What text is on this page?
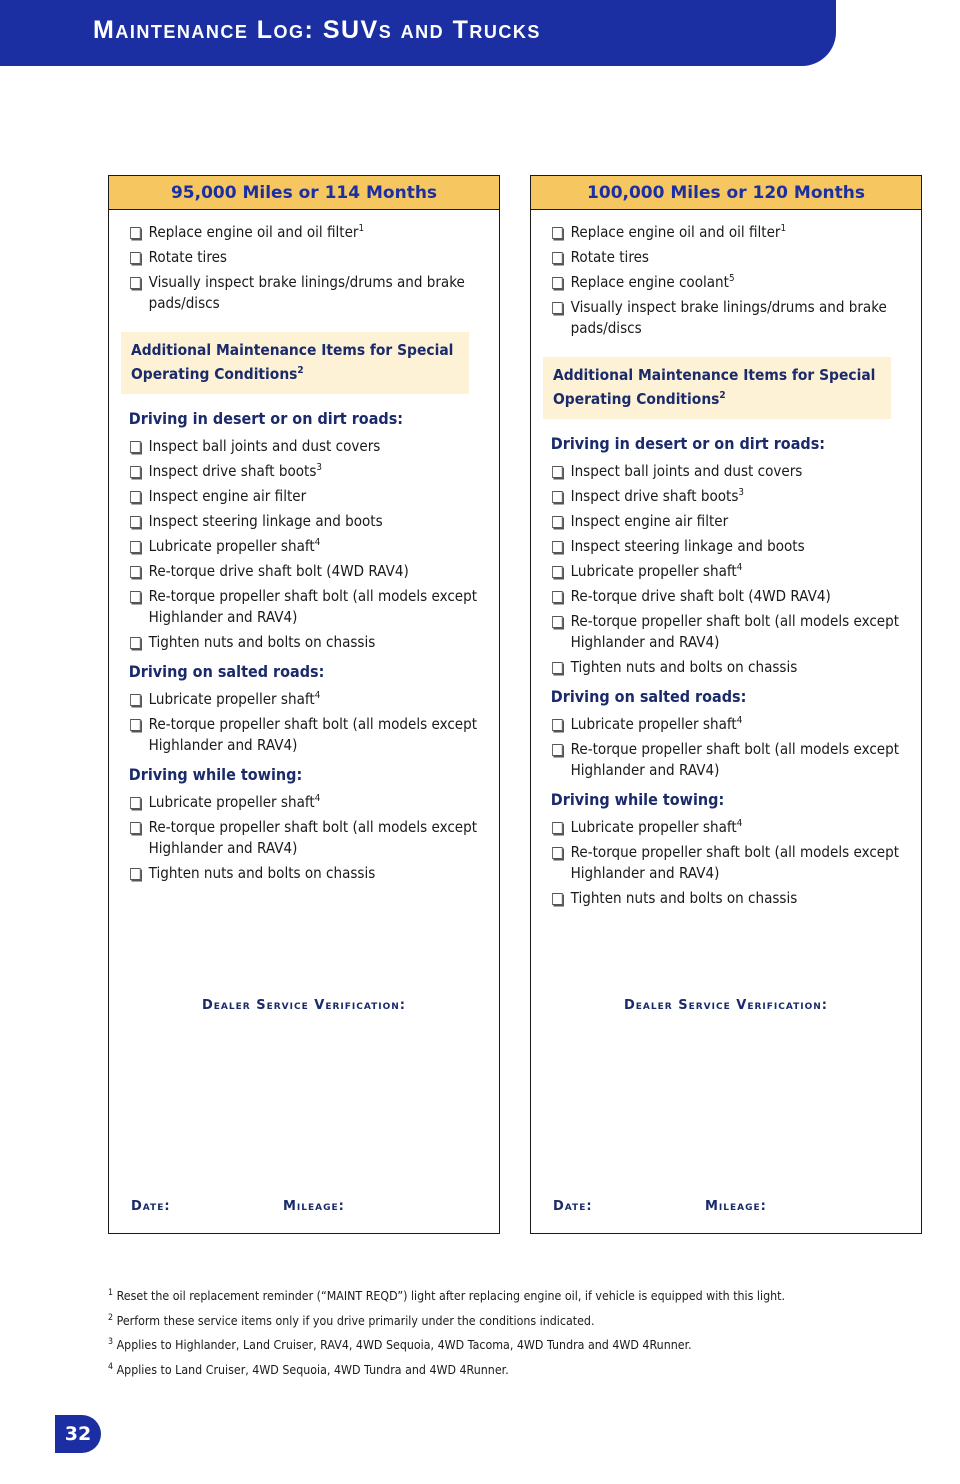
Maintenance Log: SUVs and Trucks
95,000 Miles or 114 Months
Replace engine oil and oil filter$^1$
Rotate tires
Visually inspect brake linings/drums and brake pads/discs
Additional Maintenance Items for Special Operating Conditions$^2$
Driving in desert or on dirt roads:
Inspect ball joints and dust covers
Inspect drive shaft boots$^3$
Inspect engine air filter
Inspect steering linkage and boots
Lubricate propeller shaft$^4$
Re-torque drive shaft bolt (4WD RAV4)
Re-torque propeller shaft bolt (all models except Highlander and RAV4)
Tighten nuts and bolts on chassis
Driving on salted roads:
Lubricate propeller shaft$^4$
Re-torque propeller shaft bolt (all models except Highlander and RAV4)
Driving while towing:
Lubricate propeller shaft$^4$
Re-torque propeller shaft bolt (all models except Highlander and RAV4)
Tighten nuts and bolts on chassis
Dealer Service Verification:
Date:	Mileage:
100,000 Miles or 120 Months
Replace engine oil and oil filter$^1$
Rotate tires
Replace engine coolant$^5$
Visually inspect brake linings/drums and brake pads/discs
Additional Maintenance Items for Special Operating Conditions$^2$
Driving in desert or on dirt roads:
Inspect ball joints and dust covers
Inspect drive shaft boots$^3$
Inspect engine air filter
Inspect steering linkage and boots
Lubricate propeller shaft$^4$
Re-torque drive shaft bolt (4WD RAV4)
Re-torque propeller shaft bolt (all models except Highlander and RAV4)
Tighten nuts and bolts on chassis
Driving on salted roads:
Lubricate propeller shaft$^4$
Re-torque propeller shaft bolt (all models except Highlander and RAV4)
Driving while towing:
Lubricate propeller shaft$^4$
Re-torque propeller shaft bolt (all models except Highlander and RAV4)
Tighten nuts and bolts on chassis
Dealer Service Verification:
Date:	Mileage:
$^1$ Reset the oil replacement reminder (“MAINT REQD”) light after replacing engine oil, if vehicle is equipped with this light.
$^2$ Perform these service items only if you drive primarily under the conditions indicated.
$^3$ Applies to Highlander, Land Cruiser, RAV4, 4WD Sequoia, 4WD Tacoma, 4WD Tundra and 4WD 4Runner.
$^4$ Applies to Land Cruiser, 4WD Sequoia, 4WD Tundra and 4WD 4Runner.
32
